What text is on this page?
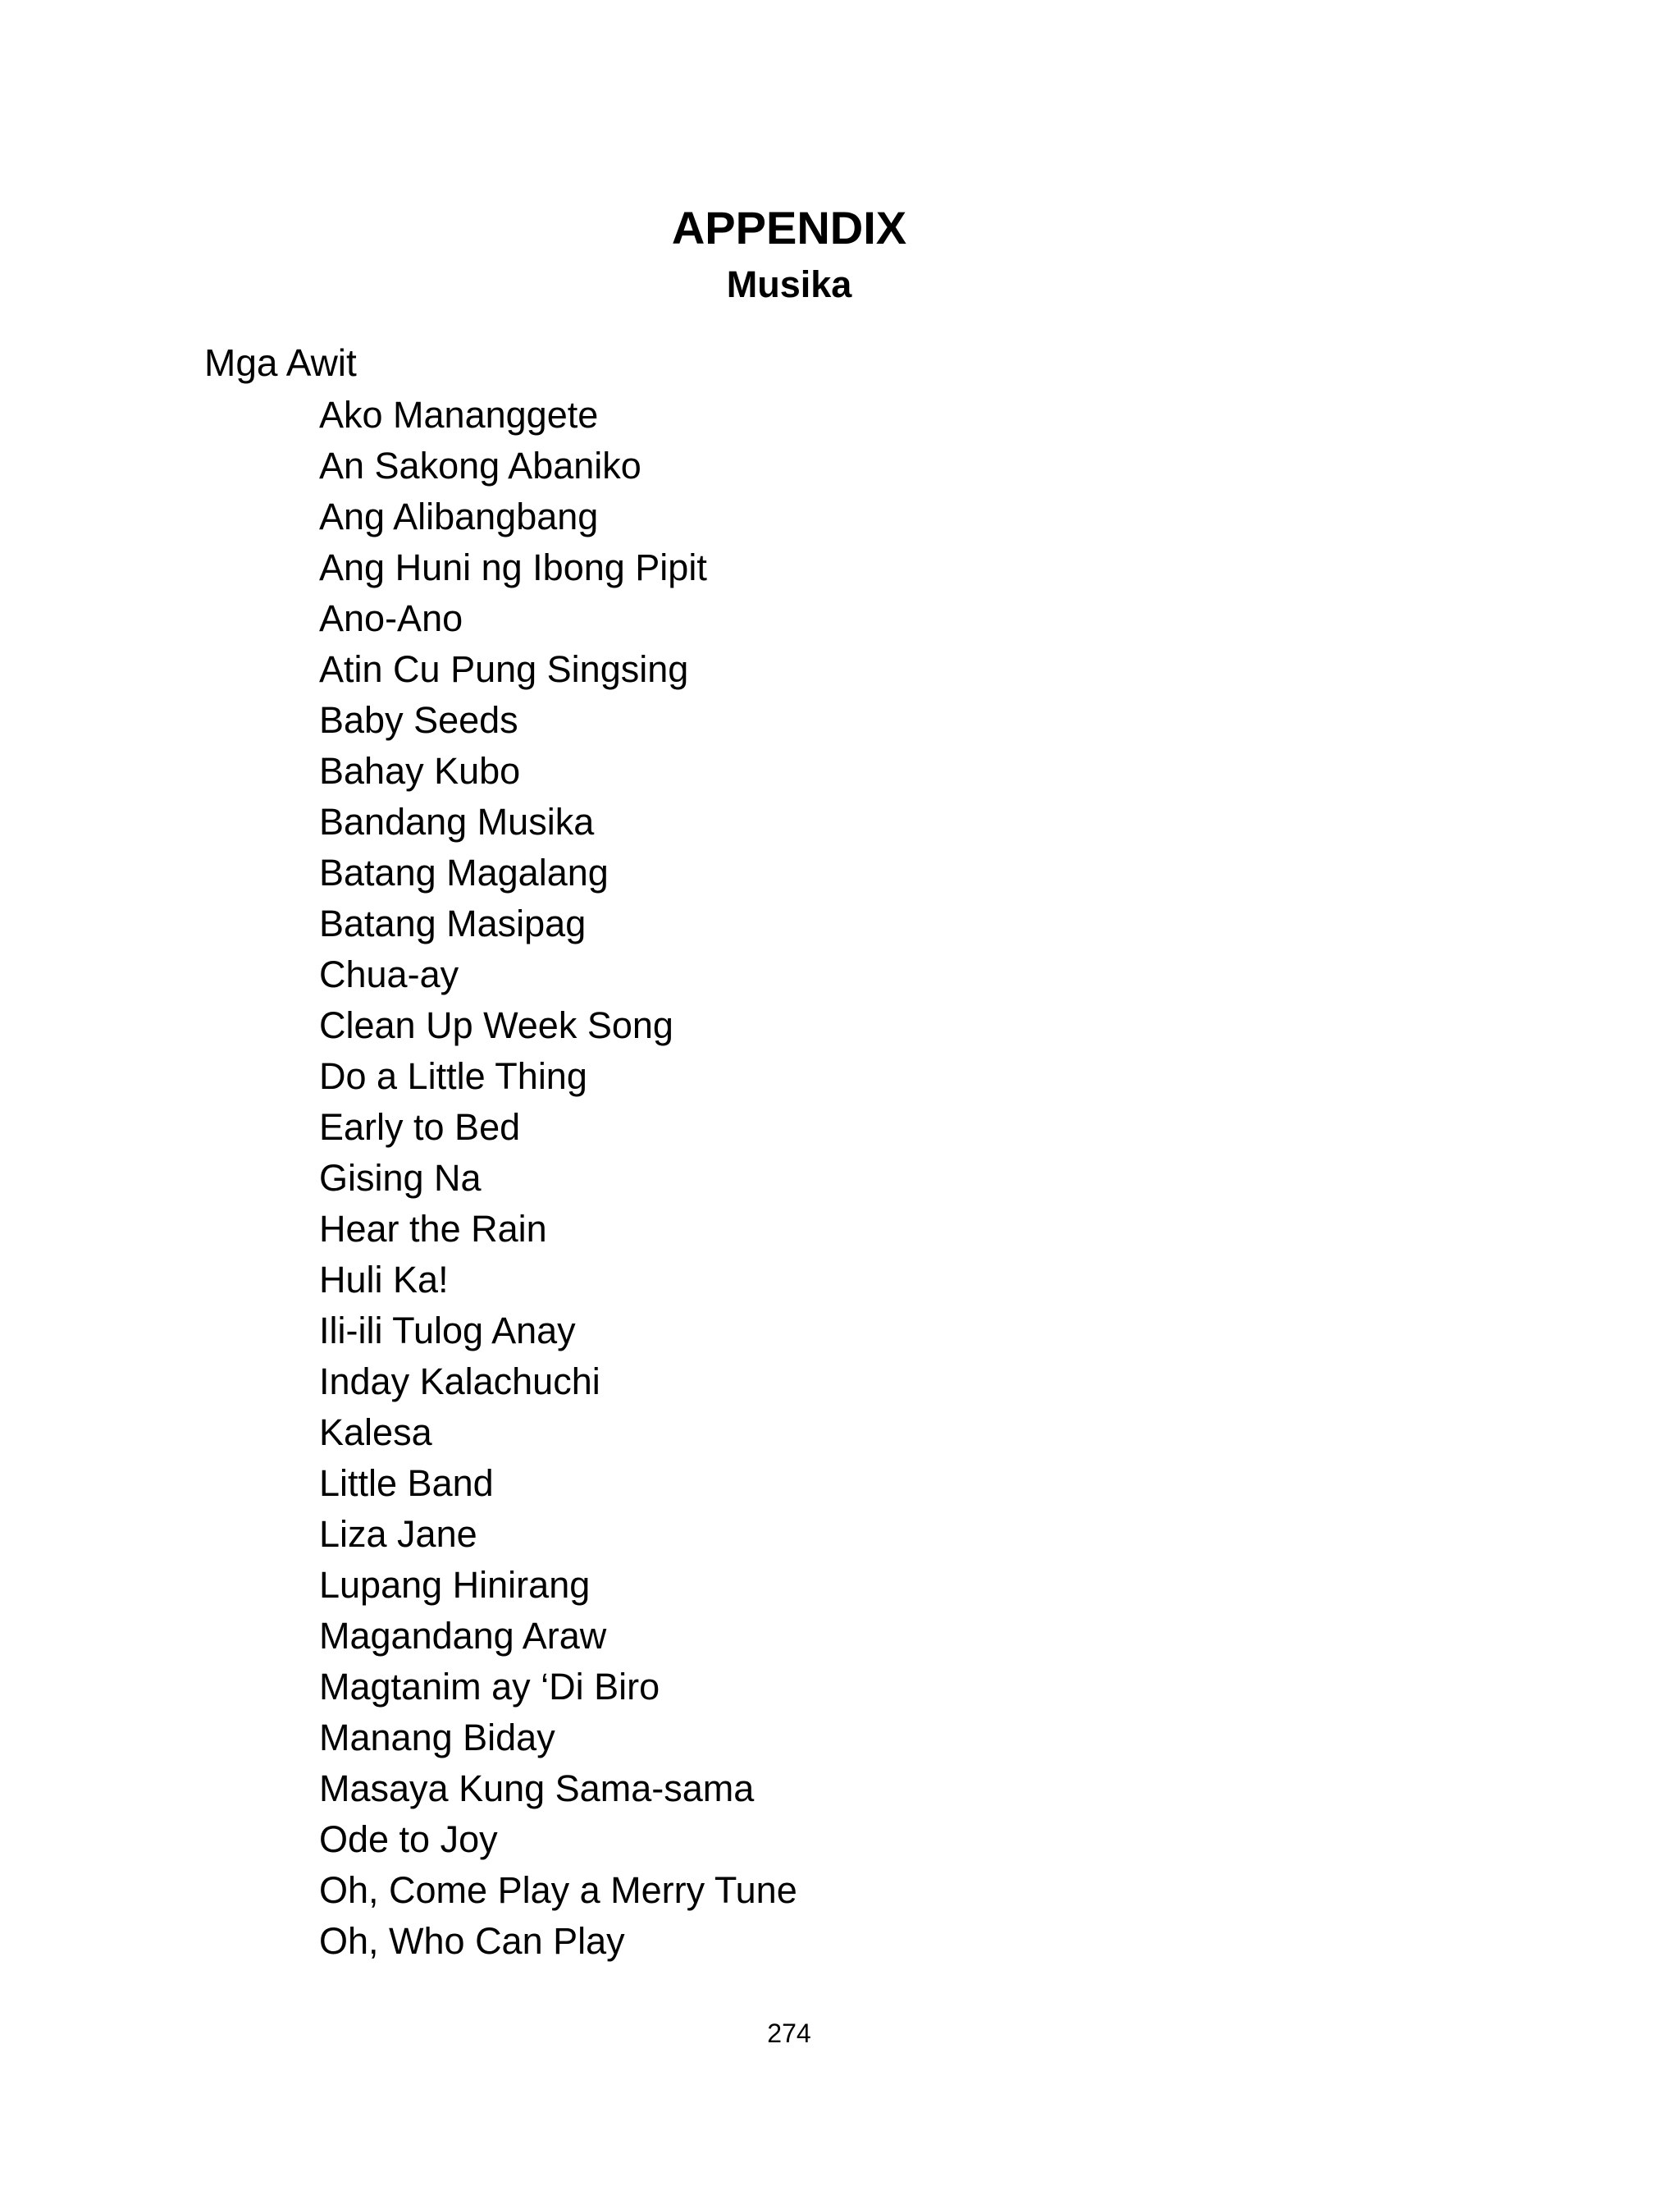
APPENDIX
Musika
Mga Awit
Ako Mananggete
An Sakong Abaniko
Ang Alibangbang
Ang Huni ng Ibong Pipit
Ano-Ano
Atin Cu Pung Singsing
Baby Seeds
Bahay Kubo
Bandang Musika
Batang Magalang
Batang Masipag
Chua-ay
Clean Up Week Song
Do a Little Thing
Early to Bed
Gising Na
Hear the Rain
Huli Ka!
Ili-ili Tulog Anay
Inday Kalachuchi
Kalesa
Little Band
Liza Jane
Lupang Hinirang
Magandang Araw
Magtanim ay ‘Di Biro
Manang Biday
Masaya Kung Sama-sama
Ode to Joy
Oh, Come Play a Merry Tune
Oh, Who Can Play
274
